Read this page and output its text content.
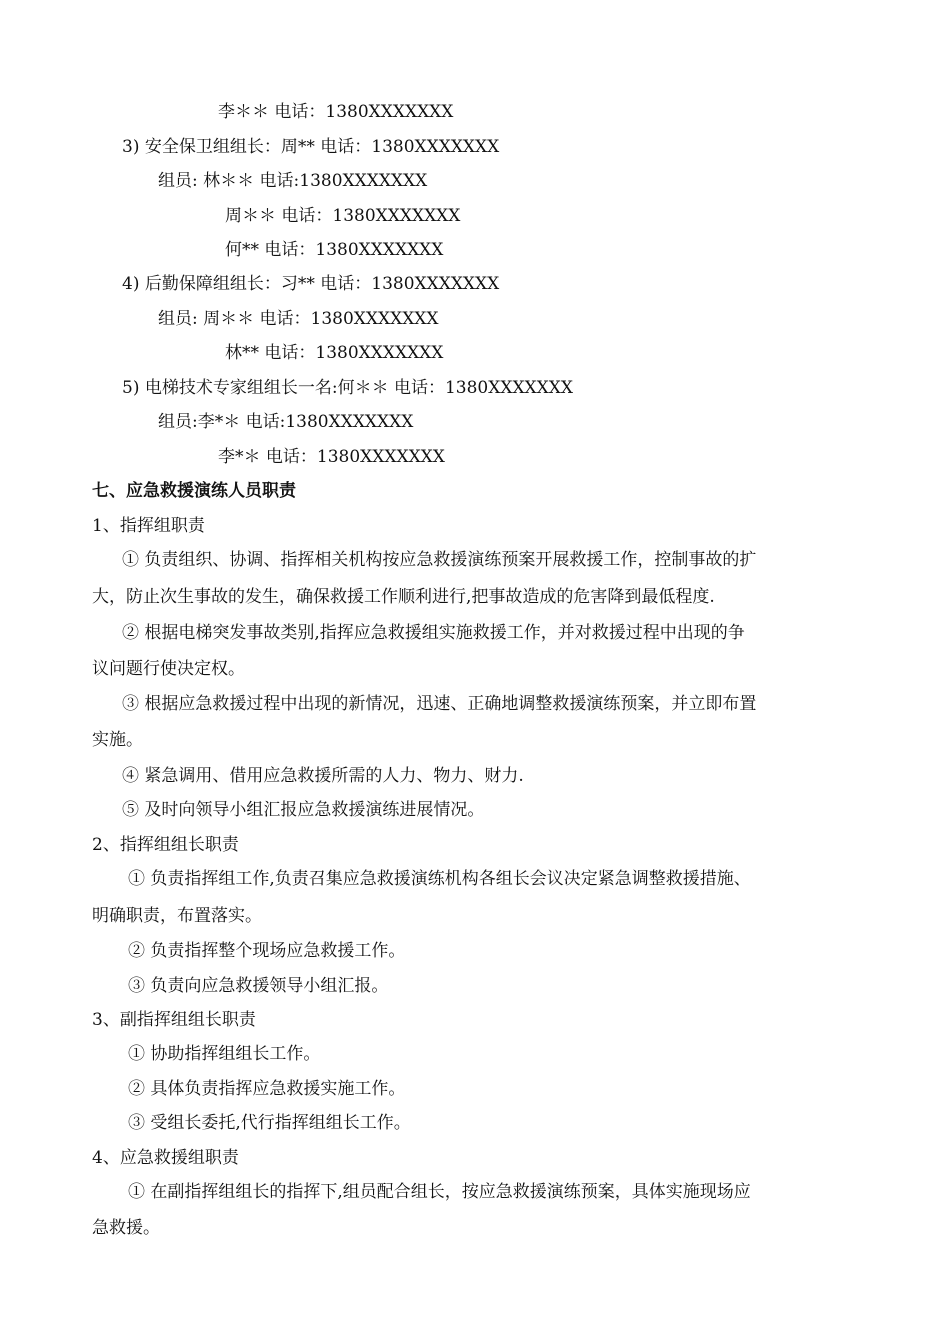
李＊＊ 电话：1380XXXXXXX
3) 安全保卫组组长：周** 电话：1380XXXXXXX
组员: 林＊＊ 电话:1380XXXXXXX
周＊＊ 电话：1380XXXXXXX
何** 电话：1380XXXXXXX
4) 后勤保障组组长：习** 电话：1380XXXXXXX
组员: 周＊＊ 电话：1380XXXXXXX
林** 电话：1380XXXXXXX
5) 电梯技术专家组组长一名:何＊＊ 电话：1380XXXXXXX
组员:李*＊ 电话:1380XXXXXXX
李*＊ 电话：1380XXXXXXX
七、应急救援演练人员职责
1、指挥组职责
① 负责组织、协调、指挥相关机构按应急救援演练预案开展救援工作，控制事故的扩
大，防止次生事故的发生，确保救援工作顺利进行,把事故造成的危害降到最低程度.
② 根据电梯突发事故类别,指挥应急救援组实施救援工作，并对救援过程中出现的争
议问题行使决定权。
③ 根据应急救援过程中出现的新情况，迅速、正确地调整救援演练预案，并立即布置
实施。
④ 紧急调用、借用应急救援所需的人力、物力、财力.
⑤ 及时向领导小组汇报应急救援演练进展情况。
2、指挥组组长职责
① 负责指挥组工作,负责召集应急救援演练机构各组长会议决定紧急调整救援措施、
明确职责，布置落实。
② 负责指挥整个现场应急救援工作。
③ 负责向应急救援领导小组汇报。
3、副指挥组组长职责
① 协助指挥组组长工作。
② 具体负责指挥应急救援实施工作。
③ 受组长委托,代行指挥组组长工作。
4、应急救援组职责
① 在副指挥组组长的指挥下,组员配合组长，按应急救援演练预案，具体实施现场应
急救援。
